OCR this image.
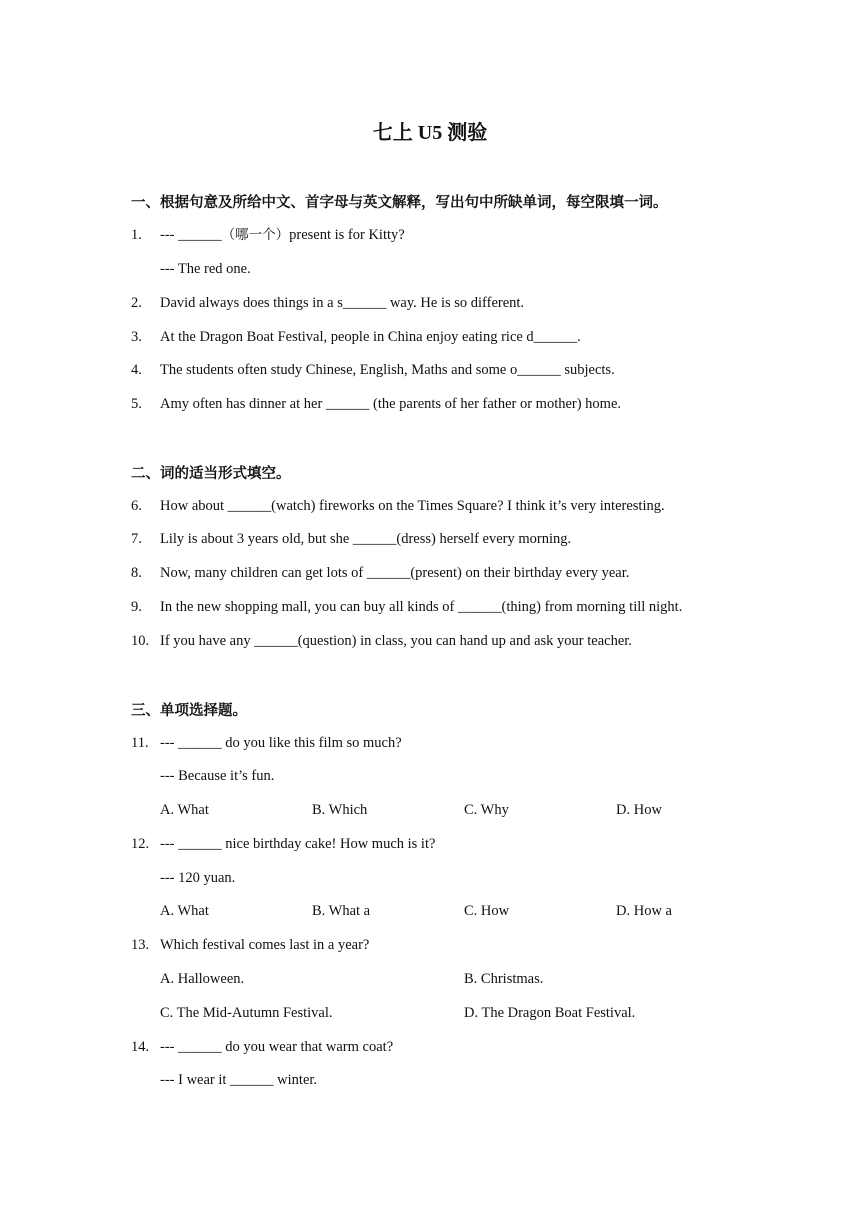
七上 U5 测验
一、根据句意及所给中文、首字母与英文解释，写出句中所缺单词，每空限填一词。
1. --- ______（哪一个）present is for Kitty?
--- The red one.
2. David always does things in a s______ way. He is so different.
3. At the Dragon Boat Festival, people in China enjoy eating rice d______.
4. The students often study Chinese, English, Maths and some o______ subjects.
5. Amy often has dinner at her ______ (the parents of her father or mother) home.
二、词的适当形式填空。
6. How about ______(watch) fireworks on the Times Square? I think it’s very interesting.
7. Lily is about 3 years old, but she ______(dress) herself every morning.
8. Now, many children can get lots of ______(present) on their birthday every year.
9. In the new shopping mall, you can buy all kinds of ______(thing) from morning till night.
10. If you have any ______(question) in class, you can hand up and ask your teacher.
三、单项选择题。
11. --- ______ do you like this film so much?
--- Because it’s fun.
A. What	B. Which	C. Why	D. How
12. --- ______ nice birthday cake! How much is it?
--- 120 yuan.
A. What	B. What a	C. How	D. How a
13. Which festival comes last in a year?
A. Halloween.	B. Christmas.
C. The Mid-Autumn Festival.	D. The Dragon Boat Festival.
14. --- ______ do you wear that warm coat?
--- I wear it ______ winter.
